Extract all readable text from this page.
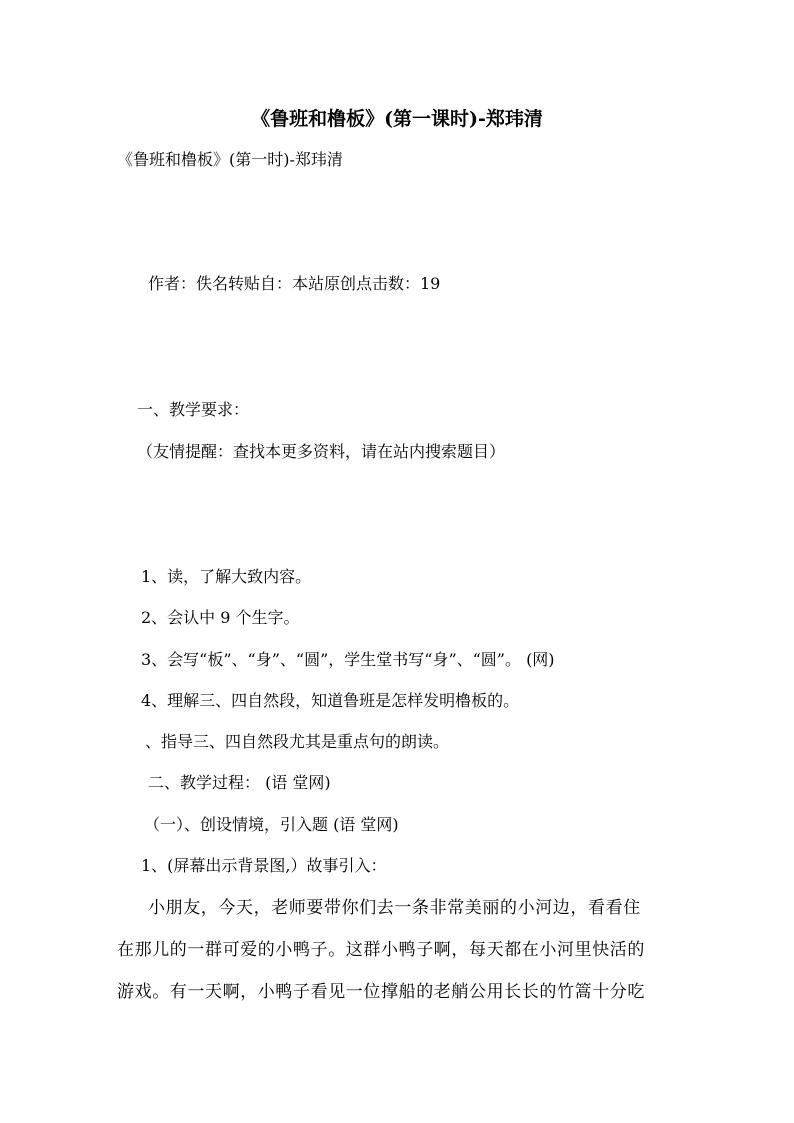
《鲁班和橹板》(第一课时)-郑玮清
《鲁班和橹板》(第一时)-郑玮清
作者：佚名转贴自：本站原创点击数：19
一、教学要求：
（友情提醒：查找本更多资料，请在站内搜索题目）
1、读，了解大致内容。
2、会认中 9 个生字。
3、会写“板”、“身”、“圆”，学生堂书写“身”、“圆”。 (网)
4、理解三、四自然段，知道鲁班是怎样发明橹板的。
、指导三、四自然段尤其是重点句的朗读。
二、教学过程： (语 堂网)
（一）、创设情境，引入题 (语 堂网)
1、(屏幕出示背景图,）故事引入：
小朋友，今天，老师要带你们去一条非常美丽的小河边，看看住
在那儿的一群可爱的小鸭子。这群小鸭子啊，每天都在小河里快活的
游戏。有一天啊，小鸭子看见一位撑船的老艄公用长长的竹篙十分吃
